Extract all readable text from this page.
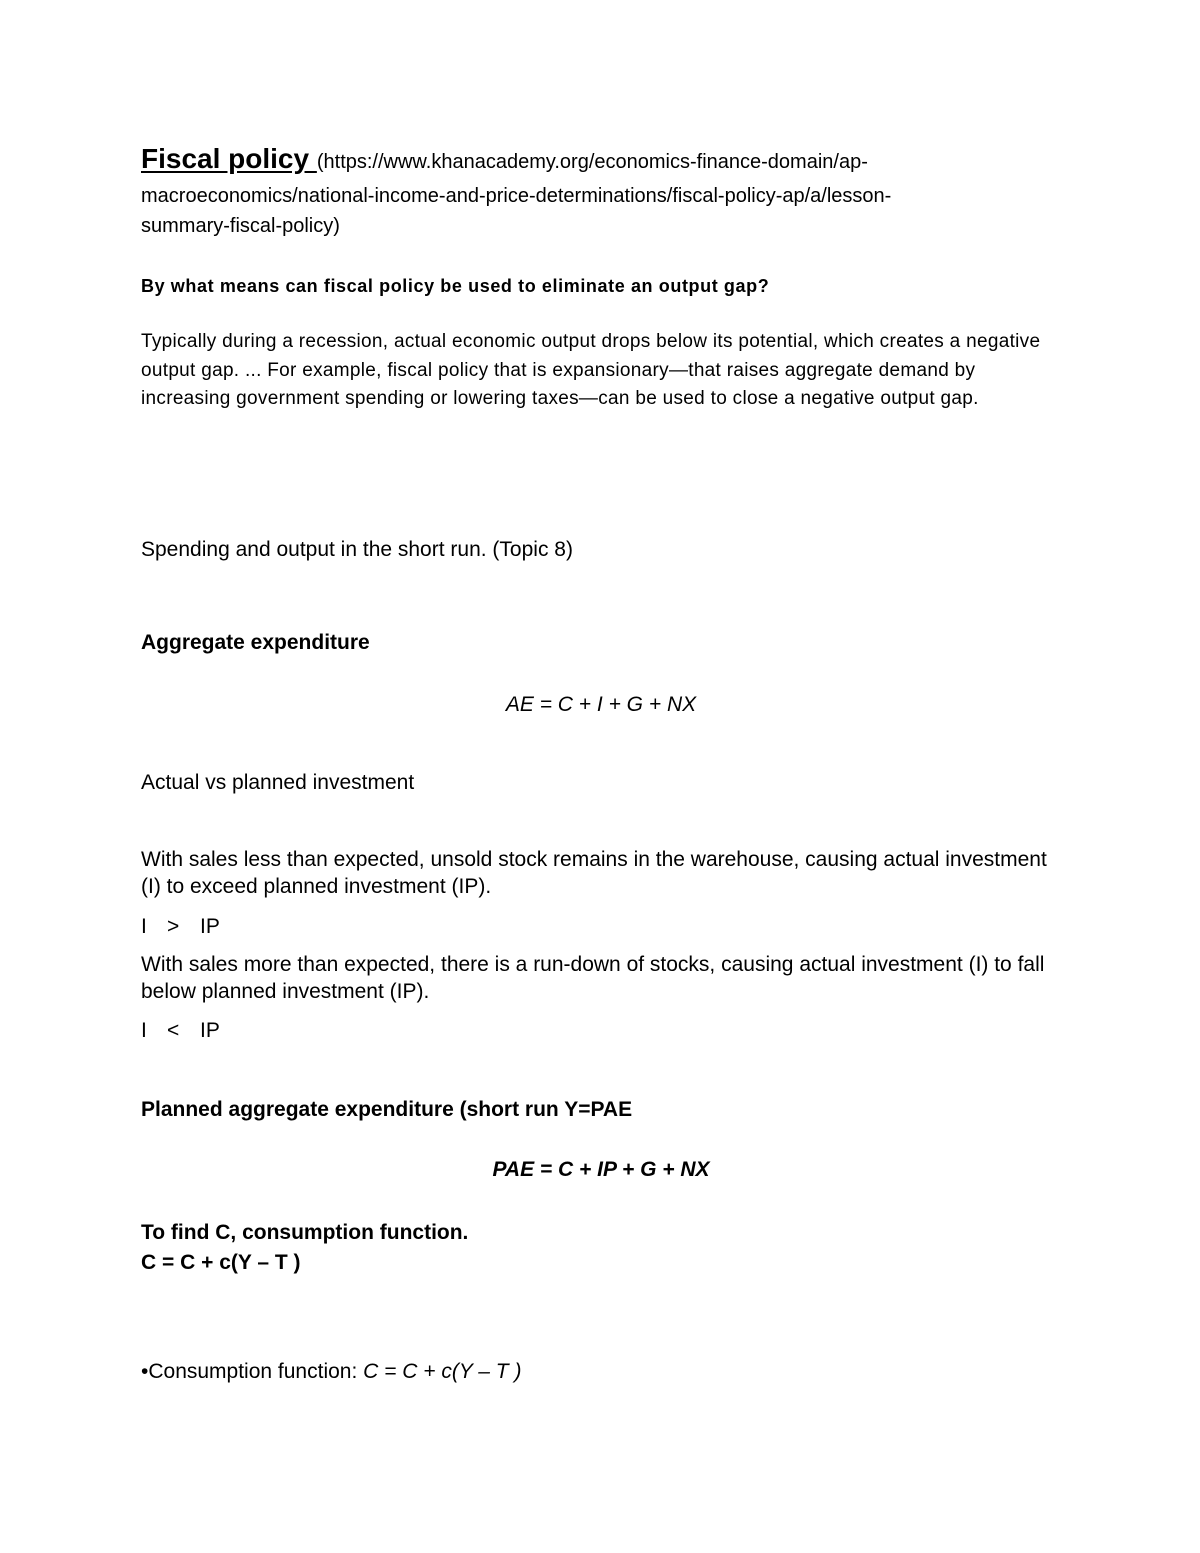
Fiscal policy (https://www.khanacademy.org/economics-finance-domain/ap-

macroeconomics/national-income-and-price-determinations/fiscal-policy-ap/a/lesson-

summary-fiscal-policy)

By what means can fiscal policy be used to eliminate an output gap?

Typically during a recession, actual economic output drops below its potential, which creates a negative output gap. ... For example, fiscal policy that is expansionary—that raises aggregate demand by increasing government spending or lowering taxes—can be used to close a negative output gap.

Spending and output in the short run. (Topic 8)

Aggregate expenditure

AE = C + I + G + NX

Actual vs planned investment

With sales less than expected, unsold stock remains in the warehouse, causing actual investment (I) to exceed planned investment (IP).

I > IP

With sales more than expected, there is a run-down of stocks, causing actual investment (I) to fall below planned investment (IP).

I < IP

Planned aggregate expenditure (short run Y=PAE

PAE = C + IP + G + NX

To find C, consumption function.

C = C + c(Y – T )

•Consumption function: C = C + c(Y – T )
